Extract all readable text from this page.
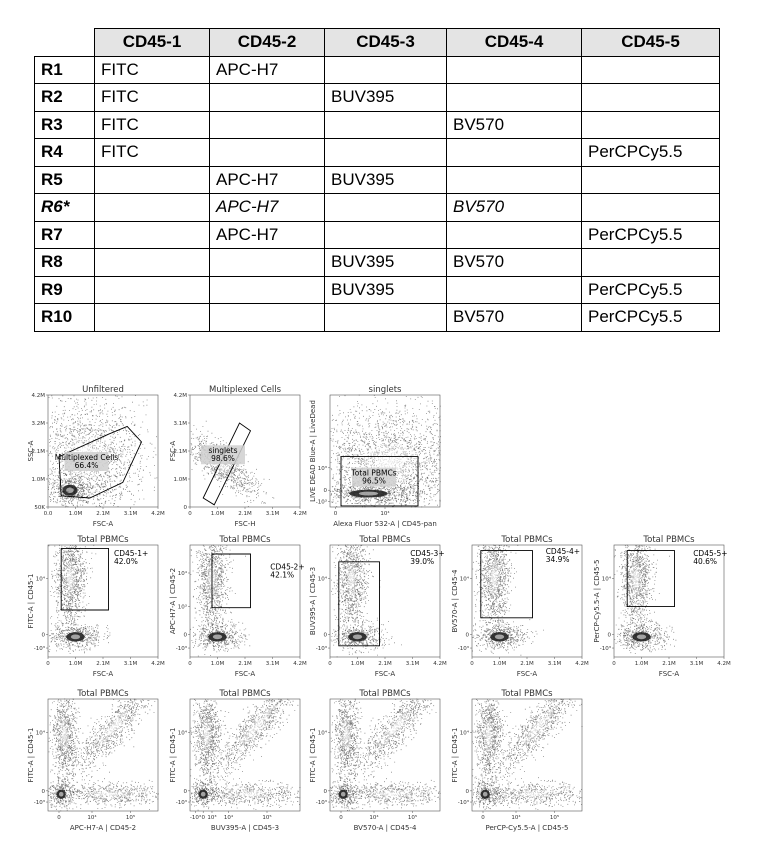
	CD45-1	CD45-2	CD45-3	CD45-4	CD45-5
R1	FITC	APC-H7			
R2	FITC		BUV395		
R3	FITC			BV570	
R4	FITC				PerCPCy5.5
R5		APC-H7	BUV395		
R6*		APC-H7		BV570	
R7		APC-H7			PerCPCy5.5
R8			BUV395	BV570	
R9			BUV395		PerCPCy5.5
R10				BV570	PerCPCy5.5
Unfiltered
0.0	1.0M	2.1M	3.1M	4.2M
50K
1.0M
2.1M
3.2M
4.2M
FSC-A
SSC-A	Multiplexed Cells
66.4%
Multiplexed Cells
0	1.0M	2.1M	3.1M	4.2M
0
1.0M
2.1M
3.1M
4.2M
FSC-H
FSC-A	singlets
98.6%
singlets
0	10⁴
-10³
0
10³
Alexa Fluor 532-A | CD45-pan
LIVE DEAD Blue-A | LiveDead	Total PBMCs
96.5%
Total PBMCs
0	1.0M	2.1M	3.1M	4.2M
-10³
0
10⁴
FSC-A
FITC-A | CD45-1
CD45-1+
42.0%
Total PBMCs
0	1.0M	2.1M	3.1M	4.2M
-10³
0
10³
10⁴
FSC-A
APC-H7-A | CD45-2
CD45-2+
42.1%
Total PBMCs
0	1.0M	2.1M	3.1M	4.2M
-10³
0
10⁴
FSC-A
BUV395-A | CD45-3
CD45-3+
39.0%
Total PBMCs
0	1.0M	2.1M	3.1M	4.2M
-10³
0
10⁴
FSC-A
BV570-A | CD45-4
CD45-4+
34.9%
Total PBMCs
0	1.0M	2.1M	3.1M	4.2M
-10³
0
10⁴
FSC-A
PerCP-Cy5.5-A | CD45-5
CD45-5+
40.6%
Total PBMCs
0	10⁴	10⁵
-10³
0
10⁴
APC-H7-A | CD45-2
FITC-A | CD45-1
Total PBMCs
-10³ 0 10³ 10⁴	10⁵
-10³
0
10⁴
BUV395-A | CD45-3
FITC-A | CD45-1
Total PBMCs
0	10⁴	10⁵
-10³
0
10⁴
BV570-A | CD45-4
FITC-A | CD45-1
Total PBMCs
0	10⁴	10⁵
-10³
0
10⁴
PerCP-Cy5.5-A | CD45-5
FITC-A | CD45-1
